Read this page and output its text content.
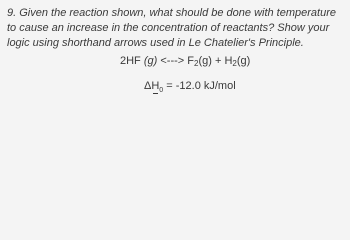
9. Given the reaction shown, what should be done with temperature to cause an increase in the concentration of reactants? Show your logic using shorthand arrows used in Le Chatelier's Principle.

2HF (g) <---> $F_2(g) + H_2(g)$
$\Delta H_0 = -12.0$ kJ/mol
